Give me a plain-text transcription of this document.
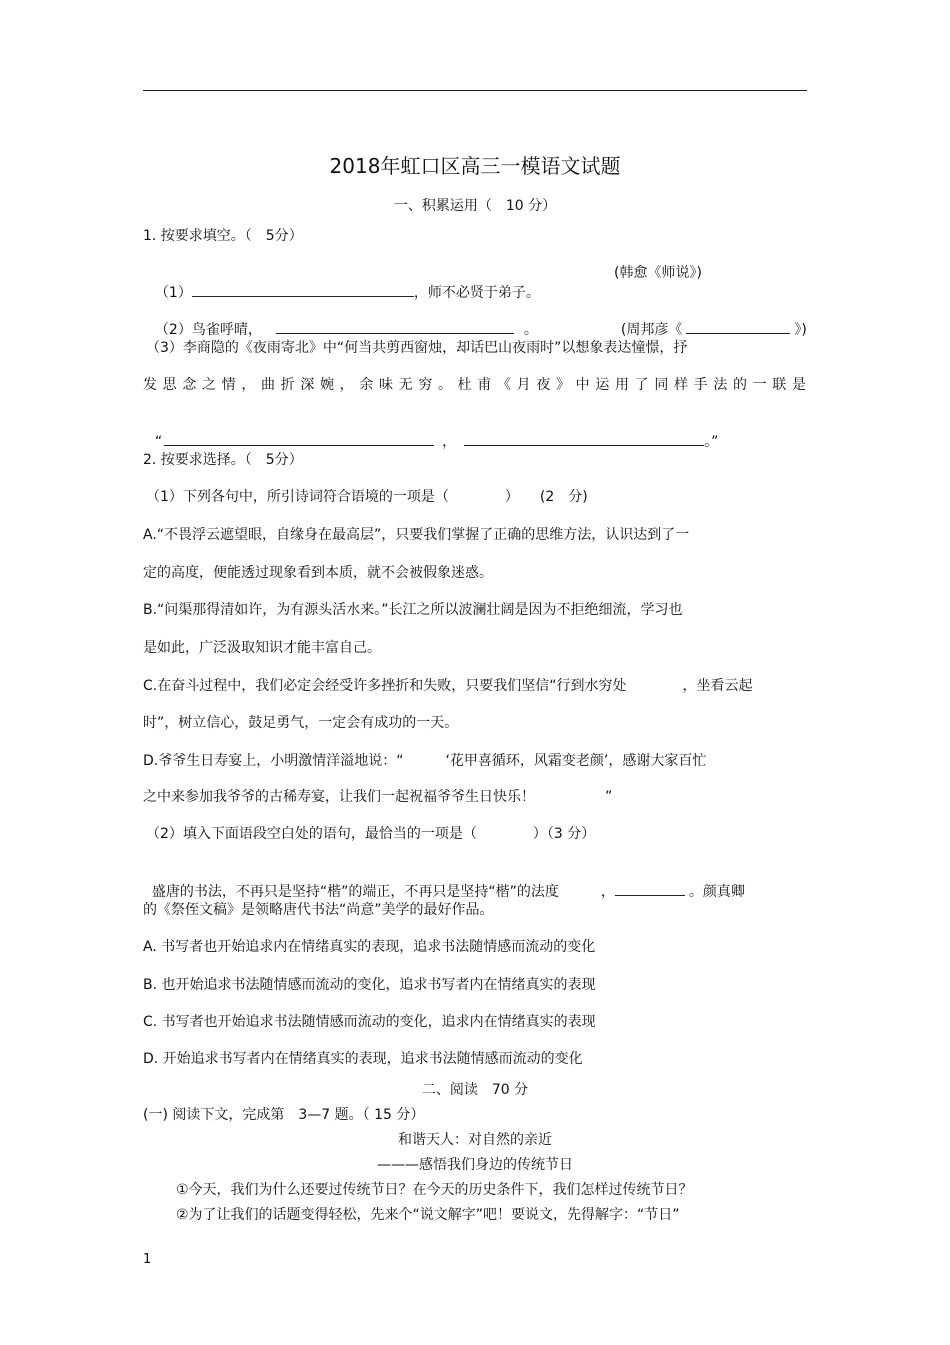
2018年虹口区高三一模语文试题
一、积累运用（　10 分）
1. 按要求填空。（　5分）

（1）	，师不必贤于弟子。

(韩愈《师说》)

（2）鸟雀呼晴，	。	(周邦彦《	》)

（3）李商隐的《夜雨寄北》中“何当共剪西窗烛，却话巴山夜雨时”以想象表达憧憬，抒
发思念之情，曲折深婉，余味无穷。杜甫《月夜》中运用了同样手法的一联是

“	，	。”

2. 按要求选择。（　5分）
（1）下列各句中，所引诗词符合语境的一项是（　　　　）　　(2　分)
A.“不畏浮云遮望眼，自缘身在最高层”，只要我们掌握了正确的思维方法，认识达到了一
定的高度，便能透过现象看到本质，就不会被假象迷惑。
B.“问渠那得清如许，为有源头活水来。”长江之所以波澜壮阔是因为不拒绝细流，学习也
是如此，广泛汲取知识才能丰富自己。
C.在奋斗过程中，我们必定会经受许多挫折和失败，只要我们坚信“行到水穷处　　　　，坐看云起
时”，树立信心，鼓足勇气，一定会有成功的一天。
D.爷爷生日寿宴上，小明激情洋溢地说：“　　　‘花甲喜循环，风霜变老颜’，感谢大家百忙
之中来参加我爷爷的古稀寿宴，让我们一起祝福爷爷生日快乐！　　　　　”
（2）填入下面语段空白处的语句，最恰当的一项是（　　　　）（3 分）

盛唐的书法，不再只是坚持“楷”的端正，不再只是坚持“楷”的法度　　　，	。颜真卿

的《祭侄文稿》是领略唐代书法“尚意”美学的最好作品。
A. 书写者也开始追求内在情绪真实的表现，追求书法随情感而流动的变化
B. 也开始追求书法随情感而流动的变化，追求书写者内在情绪真实的表现
C. 书写者也开始追求书法随情感而流动的变化，追求内在情绪真实的表现
D. 开始追求书写者内在情绪真实的表现，追求书法随情感而流动的变化
二、阅读　70 分
(一) 阅读下文，完成第　3—7 题。（ 15 分）
和谐天人：对自然的亲近
———感悟我们身边的传统节日
①今天，我们为什么还要过传统节日？在今天的历史条件下，我们怎样过传统节日？
②为了让我们的话题变得轻松，先来个“说文解字”吧！要说文，先得解字：“节日”
1
